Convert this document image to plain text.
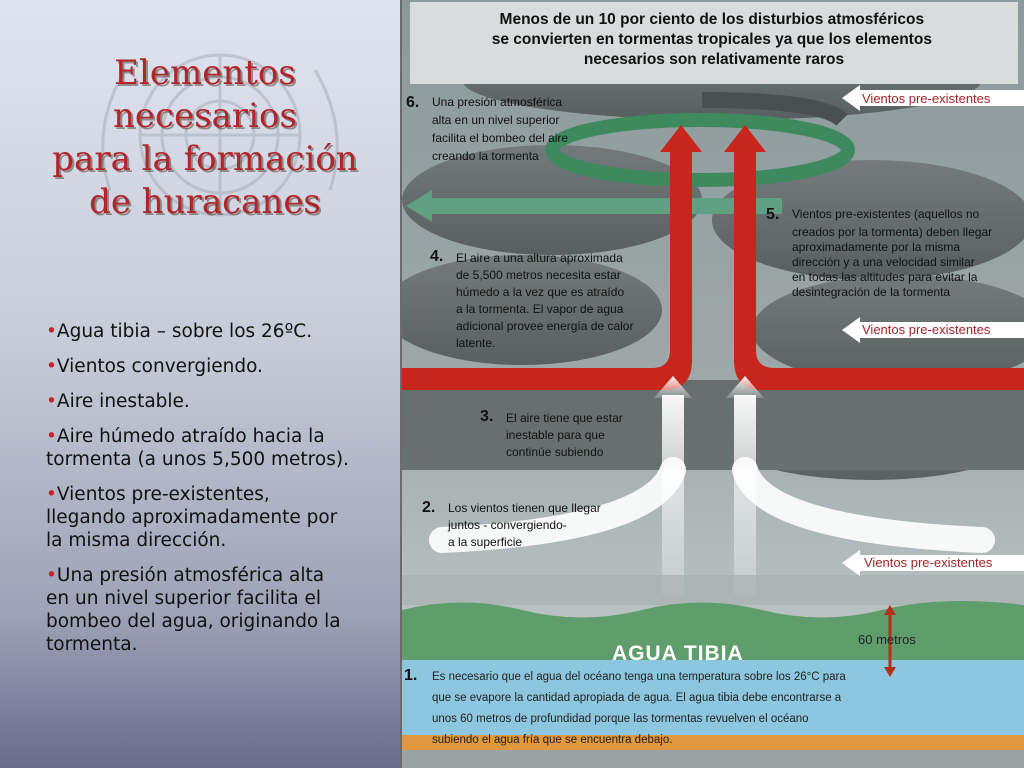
Elementos
necesarios
para la formación
de huracanes
•Agua tibia – sobre los 26ºC.
•Vientos convergiendo.
•Aire inestable.
•Aire húmedo atraído hacia la tormenta (a unos 5,500 metros).
•Vientos pre-existentes, llegando aproximadamente por la misma dirección.
•Una presión atmosférica alta en un nivel superior facilita el bombeo del agua, originando la tormenta.
Menos de un 10 por ciento de los disturbios atmosféricos se convierten en tormentas tropicales ya que los elementos necesarios son relativamente raros
60 metros
AGUA TIBIA
Vientos pre-existentes
Vientos pre-existentes
Vientos pre-existentes
6. Una presión atmosférica alta en un nivel superior facilita el bombeo del aire creando la tormenta
5. Vientos pre-existentes (aquellos no creados por la tormenta) deben llegar aproximadamente por la misma dirección y a una velocidad similar en todas las altitudes para evitar la desintegración de la tormenta
4. El aire a una altura aproximada de 5,500 metros necesita estar húmedo a la vez que es atraído a la tormenta. El vapor de agua adicional provee energía de calor latente.
3. El aire tiene que estar inestable para que continúe subiendo
2. Los vientos tienen que llegar juntos - convergiendo- a la superficie
1. Es necesario que el agua del océano tenga una temperatura sobre los 26°C para que se evapore la cantidad apropiada de agua. El agua tibia debe encontrarse a unos 60 metros de profundidad porque las tormentas revuelven el océano subiendo el agua fría que se encuentra debajo.
